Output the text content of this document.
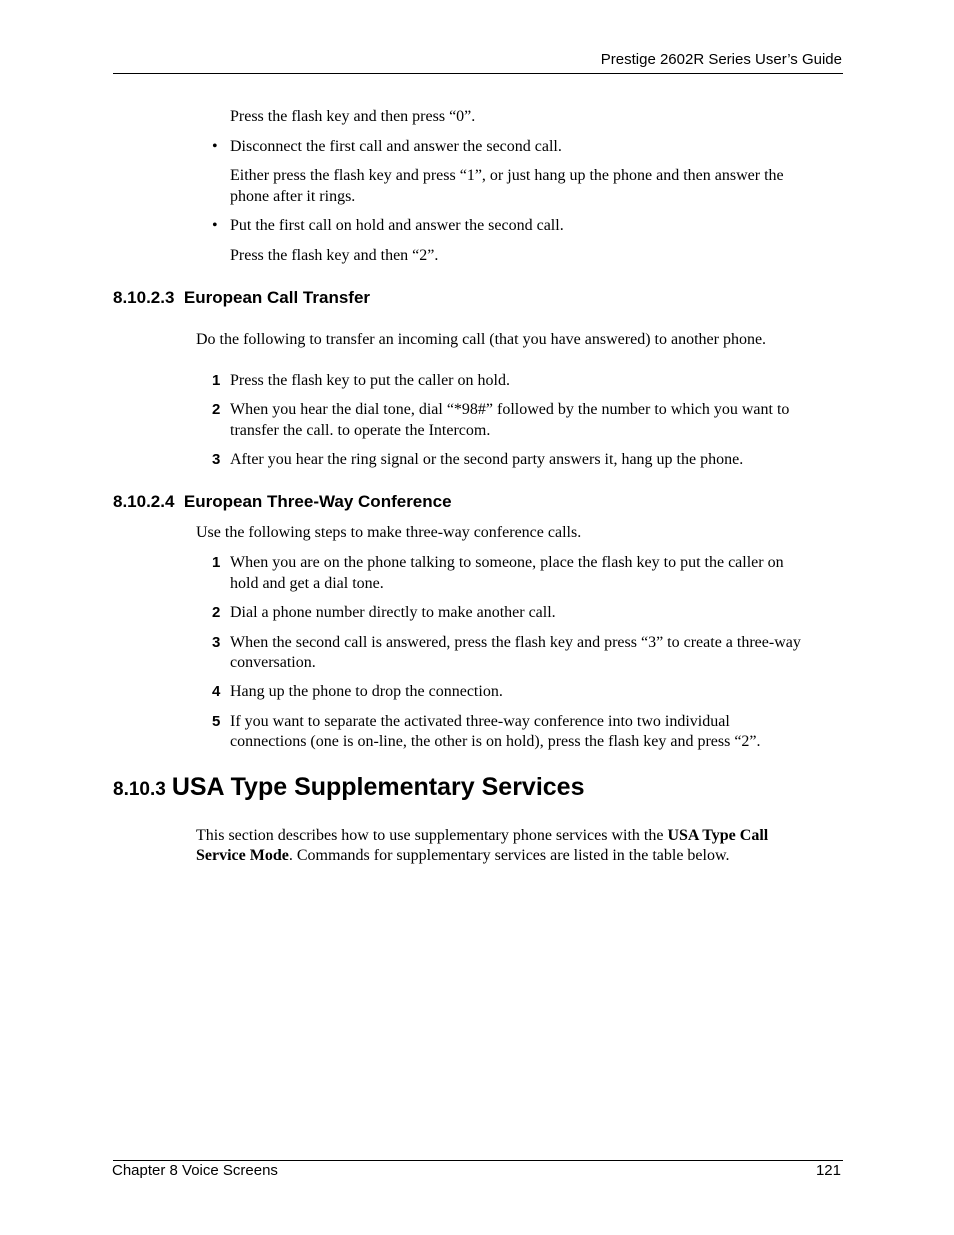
Prestige 2602R Series User’s Guide
Press the flash key and then press “0”.
• Disconnect the first call and answer the second call.
Either press the flash key and press “1”, or just hang up the phone and then answer the
phone after it rings.
• Put the first call on hold and answer the second call.
Press the flash key and then “2”.
8.10.2.3 European Call Transfer
Do the following to transfer an incoming call (that you have answered) to another phone.
1 Press the flash key to put the caller on hold.
2 When you hear the dial tone, dial “*98#” followed by the number to which you want to
transfer the call. to operate the Intercom.
3 After you hear the ring signal or the second party answers it, hang up the phone.
8.10.2.4 European Three-Way Conference
Use the following steps to make three-way conference calls.
1 When you are on the phone talking to someone, place the flash key to put the caller on
hold and get a dial tone.
2 Dial a phone number directly to make another call.
3 When the second call is answered, press the flash key and press “3” to create a three-way
conversation.
4 Hang up the phone to drop the connection.
5 If you want to separate the activated three-way conference into two individual
connections (one is on-line, the other is on hold), press the flash key and press “2”.
8.10.3 USA Type Supplementary Services
This section describes how to use supplementary phone services with the USA Type Call
Service Mode. Commands for supplementary services are listed in the table below.
Chapter 8 Voice Screens	121
